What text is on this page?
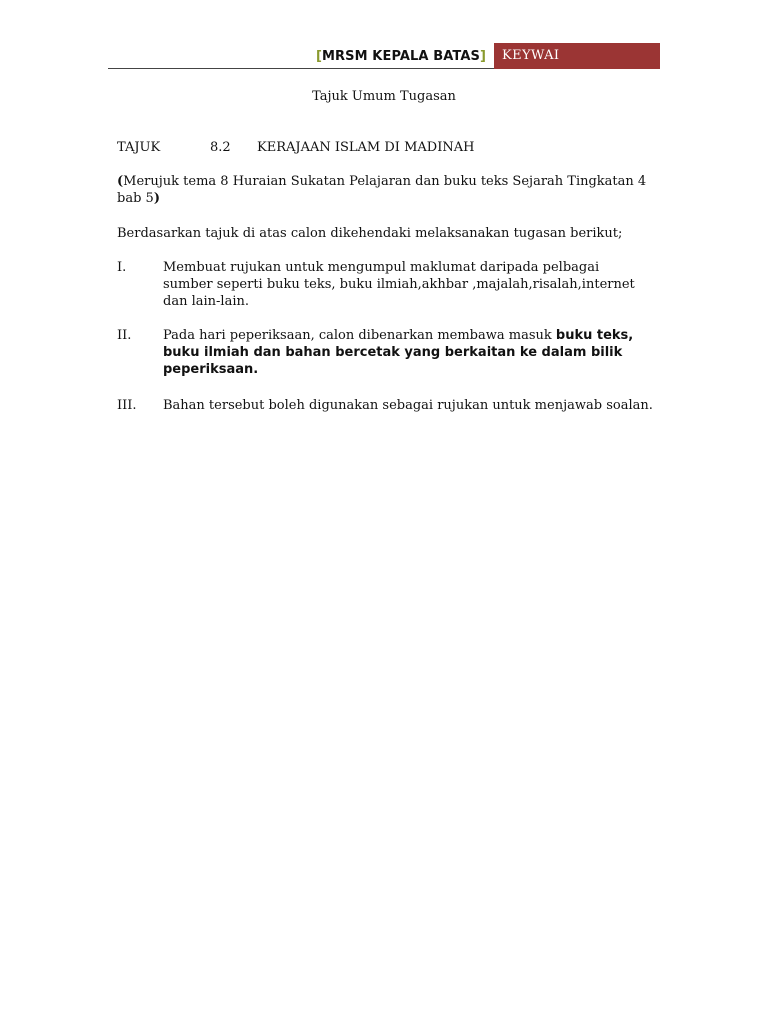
[MRSM KEPALA BATAS] KEYWAI
Tajuk Umum Tugasan
TAJUK	8.2 KERAJAAN ISLAM DI MADINAH
(Merujuk tema 8 Huraian Sukatan Pelajaran dan buku teks Sejarah Tingkatan 4
bab 5)
Berdasarkan tajuk di atas calon dikehendaki melaksanakan tugasan berikut;
I.	Membuat rujukan untuk mengumpul maklumat daripada pelbagai
sumber seperti buku teks, buku ilmiah,akhbar ,majalah,risalah,internet
dan lain-lain.
II. Pada hari peperiksaan, calon dibenarkan membawa masuk buku teks,
buku ilmiah dan bahan bercetak yang berkaitan ke dalam bilik
peperiksaan.
III. Bahan tersebut boleh digunakan sebagai rujukan untuk menjawab soalan.
